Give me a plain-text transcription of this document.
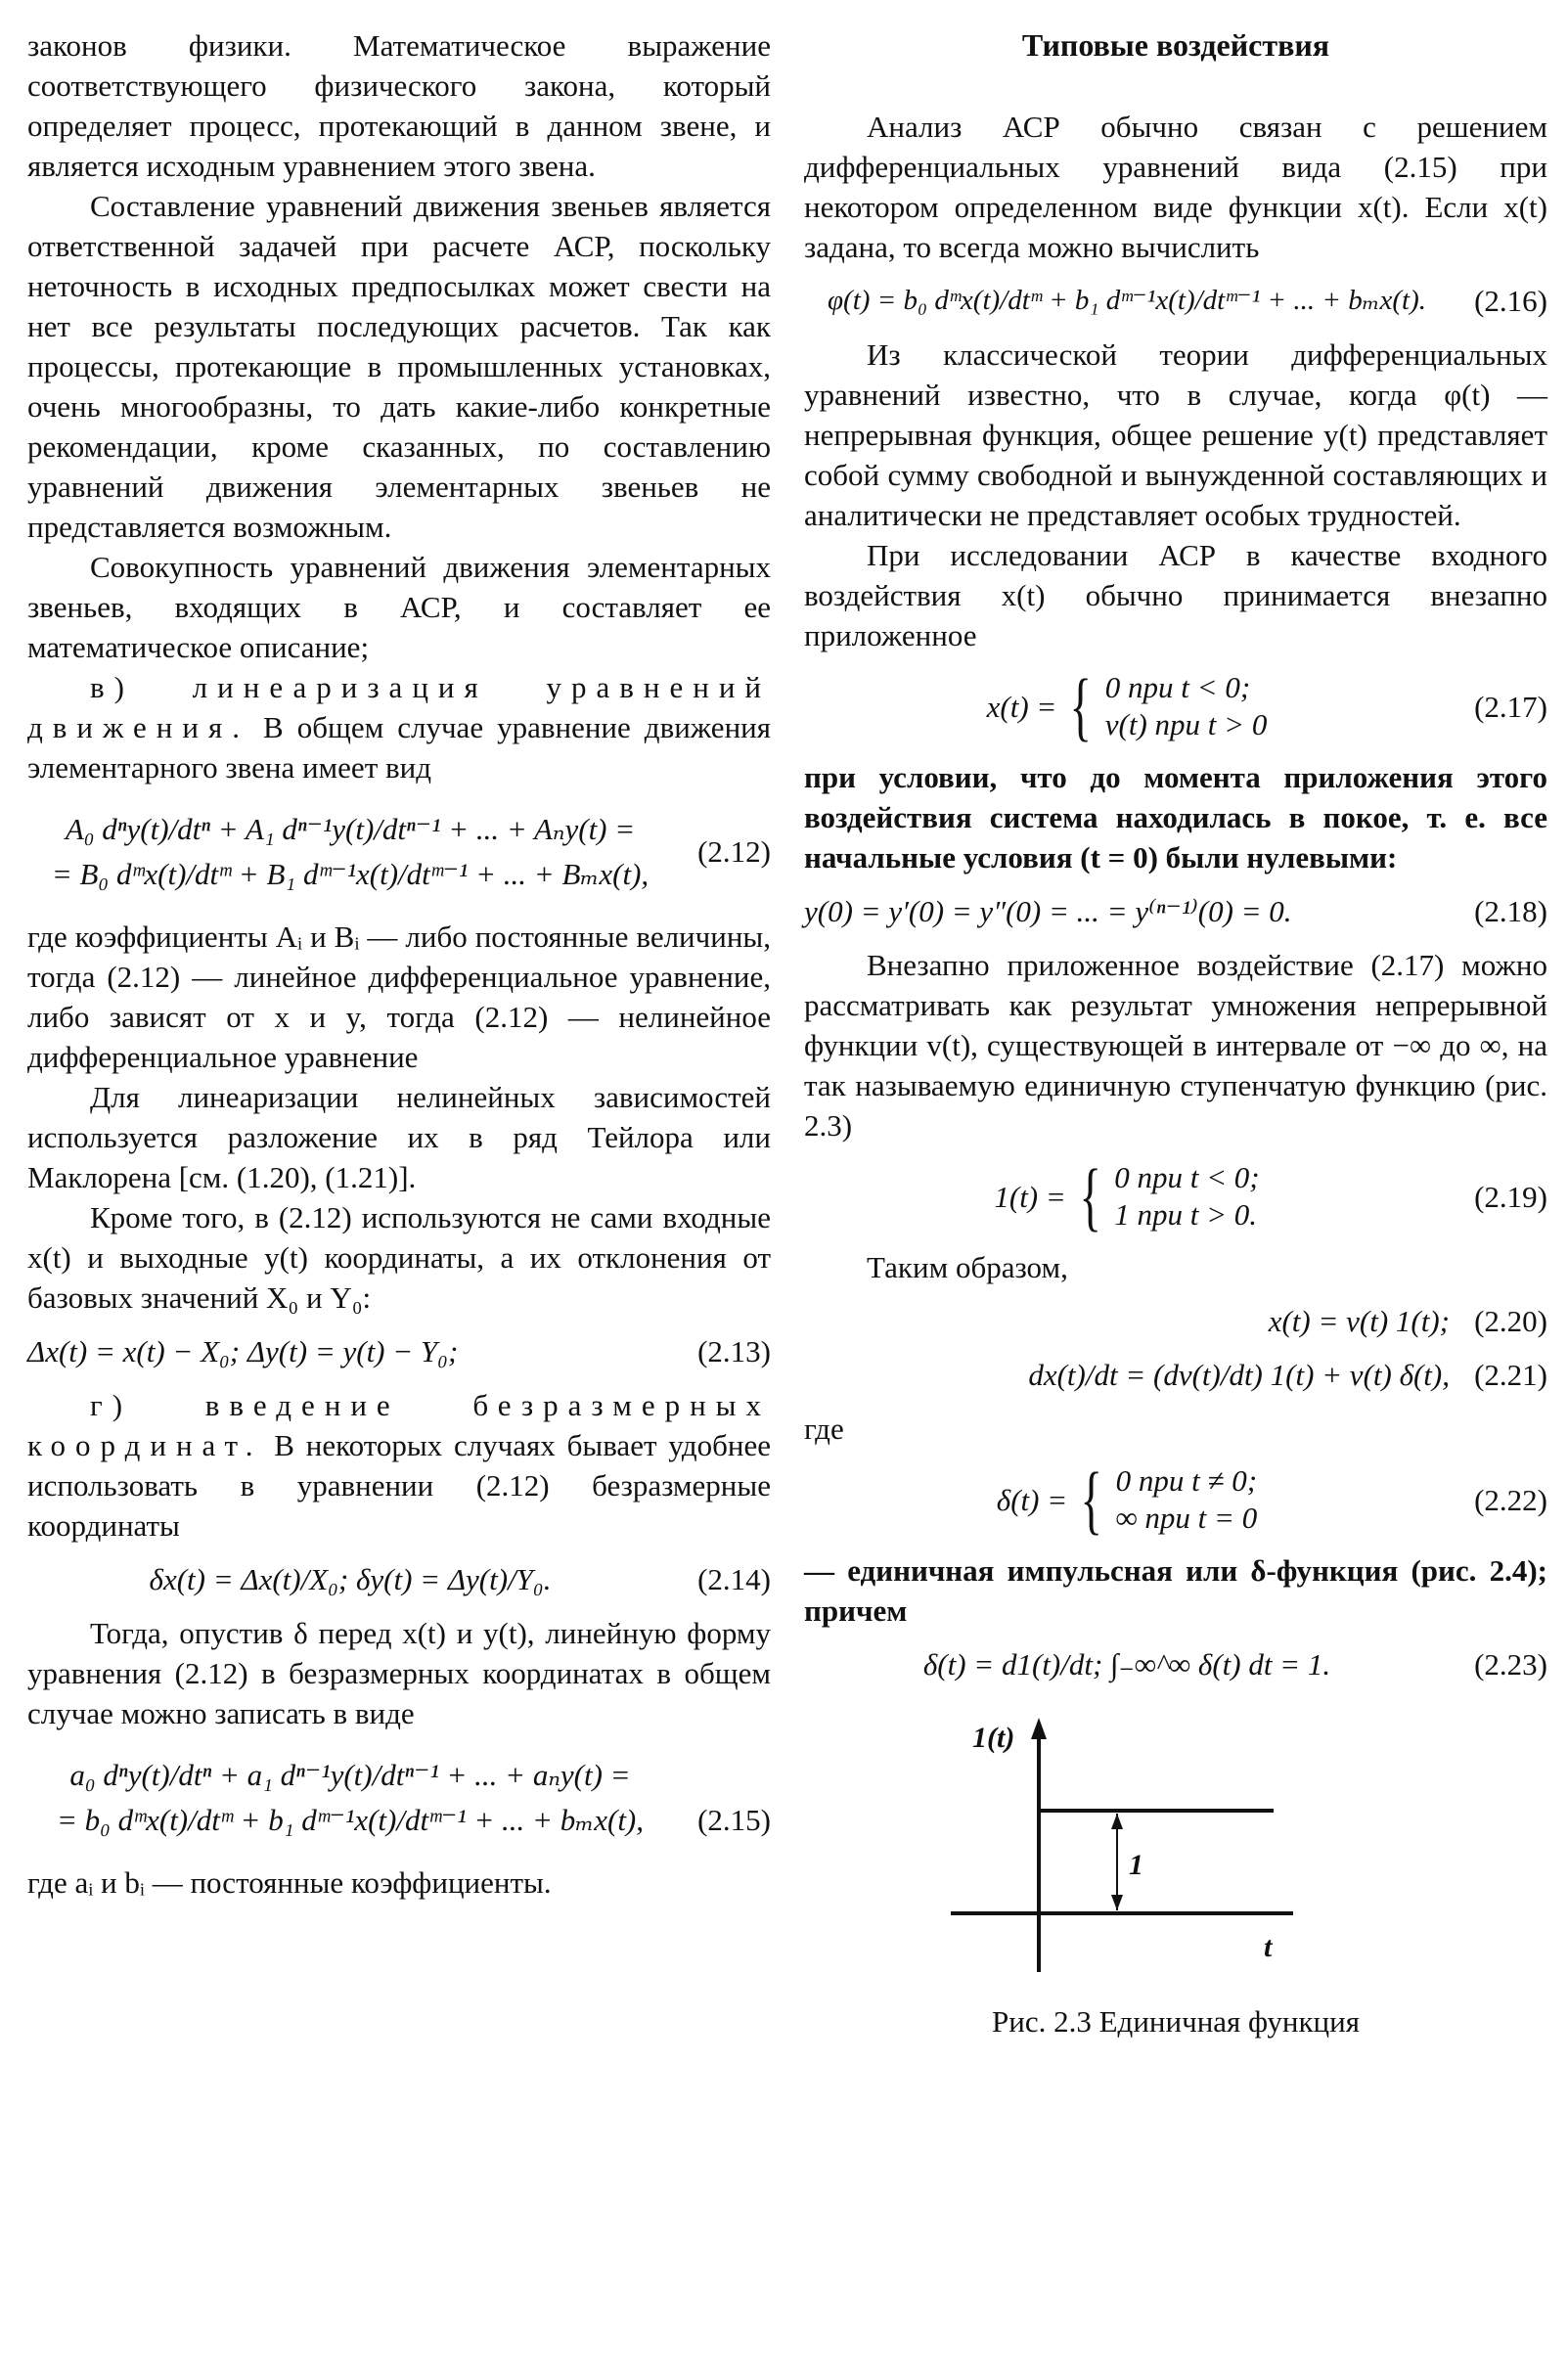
законов физики. Математическое выражение соответствующего физического закона, который определяет процесс, протекающий в данном звене, и является исходным уравнением этого звена.

Составление уравнений движения звеньев является ответственной задачей при расчете АСР, поскольку неточность в исходных предпосылках может свести на нет все результаты последующих расчетов. Так как процессы, протекающие в промышленных установках, очень многообразны, то дать какие-либо конкретные рекомендации, кроме сказанных, по составлению уравнений движения элементарных звеньев не представляется возможным.

Совокупность уравнений движения элементарных звеньев, входящих в АСР, и составляет ее математическое описание;

в) линеаризация уравнений движения. В общем случае уравнение движения элементарного звена имеет вид

A₀ dⁿy(t)/dtⁿ + A₁ dⁿ⁻¹y(t)/dtⁿ⁻¹ + ... + Aₙy(t) =
= B₀ dᵐx(t)/dtᵐ + B₁ dᵐ⁻¹x(t)/dtᵐ⁻¹ + ... + Bₘx(t),
(2.12)

где коэффициенты Aᵢ и Bᵢ — либо постоянные величины, тогда (2.12) — линейное дифференциальное уравнение, либо зависят от x и y, тогда (2.12) — нелинейное дифференциальное уравнение

Для линеаризации нелинейных зависимостей используется разложение их в ряд Тейлора или Маклорена [см. (1.20), (1.21)].

Кроме того, в (2.12) используются не сами входные x(t) и выходные y(t) координаты, а их отклонения от базовых значений X₀ и Y₀:

Δx(t) = x(t) − X₀; Δy(t) = y(t) − Y₀;	(2.13)

г) введение безразмерных координат. В некоторых случаях бывает удобнее использовать в уравнении (2.12) безразмерные координаты

δx(t) = Δx(t)/X₀; δy(t) = Δy(t)/Y₀.	(2.14)

Тогда, опустив δ перед x(t) и y(t), линейную форму уравнения (2.12) в безразмерных координатах в общем случае можно записать в виде

a₀ dⁿy(t)/dtⁿ + a₁ dⁿ⁻¹y(t)/dtⁿ⁻¹ + ... + aₙy(t) =
= b₀ dᵐx(t)/dtᵐ + b₁ dᵐ⁻¹x(t)/dtᵐ⁻¹ + ... + bₘx(t),	(2.15)

где aᵢ и bᵢ — постоянные коэффициенты.

Типовые воздействия

Анализ АСР обычно связан с решением дифференциальных уравнений вида (2.15) при некотором определенном виде функции x(t). Если x(t) задана, то всегда можно вычислить

φ(t) = b₀ dᵐx(t)/dtᵐ + b₁ dᵐ⁻¹x(t)/dtᵐ⁻¹ + ... + bₘx(t).	(2.16)

Из классической теории дифференциальных уравнений известно, что в случае, когда φ(t) — непрерывная функция, общее решение y(t) представляет собой сумму свободной и вынужденной составляющих и аналитически не представляет особых трудностей.

При исследовании АСР в качестве входного воздействия x(t) обычно принимается внезапно приложенное

x(t) = { 0 при t < 0;
v(t) при t > 0
(2.17)

при условии, что до момента приложения этого воздействия система находилась в покое, т. е. все начальные условия (t = 0) были нулевыми:

y(0) = y′(0) = y″(0) = ... = y⁽ⁿ⁻¹⁾(0) = 0.	(2.18)

Внезапно приложенное воздействие (2.17) можно рассматривать как результат умножения непрерывной функции v(t), существующей в интервале от −∞ до ∞, на так называемую единичную ступенчатую функцию (рис. 2.3)

1(t) = { 0 при t < 0;
1 при t > 0.
(2.19)

Таким образом,

x(t) = v(t) 1(t); (2.20)
dx(t)/dt = (dv(t)/dt) 1(t) + v(t) δ(t), (2.21)

где

δ(t) = { 0 при t ≠ 0;
∞ при t = 0
(2.22)

— единичная импульсная или δ-функция (рис. 2.4); причем

δ(t) = d1(t)/dt; ∫₋∞^∞ δ(t) dt = 1.	(2.23)
1(t)
1
t

Рис. 2.3 Единичная функция
